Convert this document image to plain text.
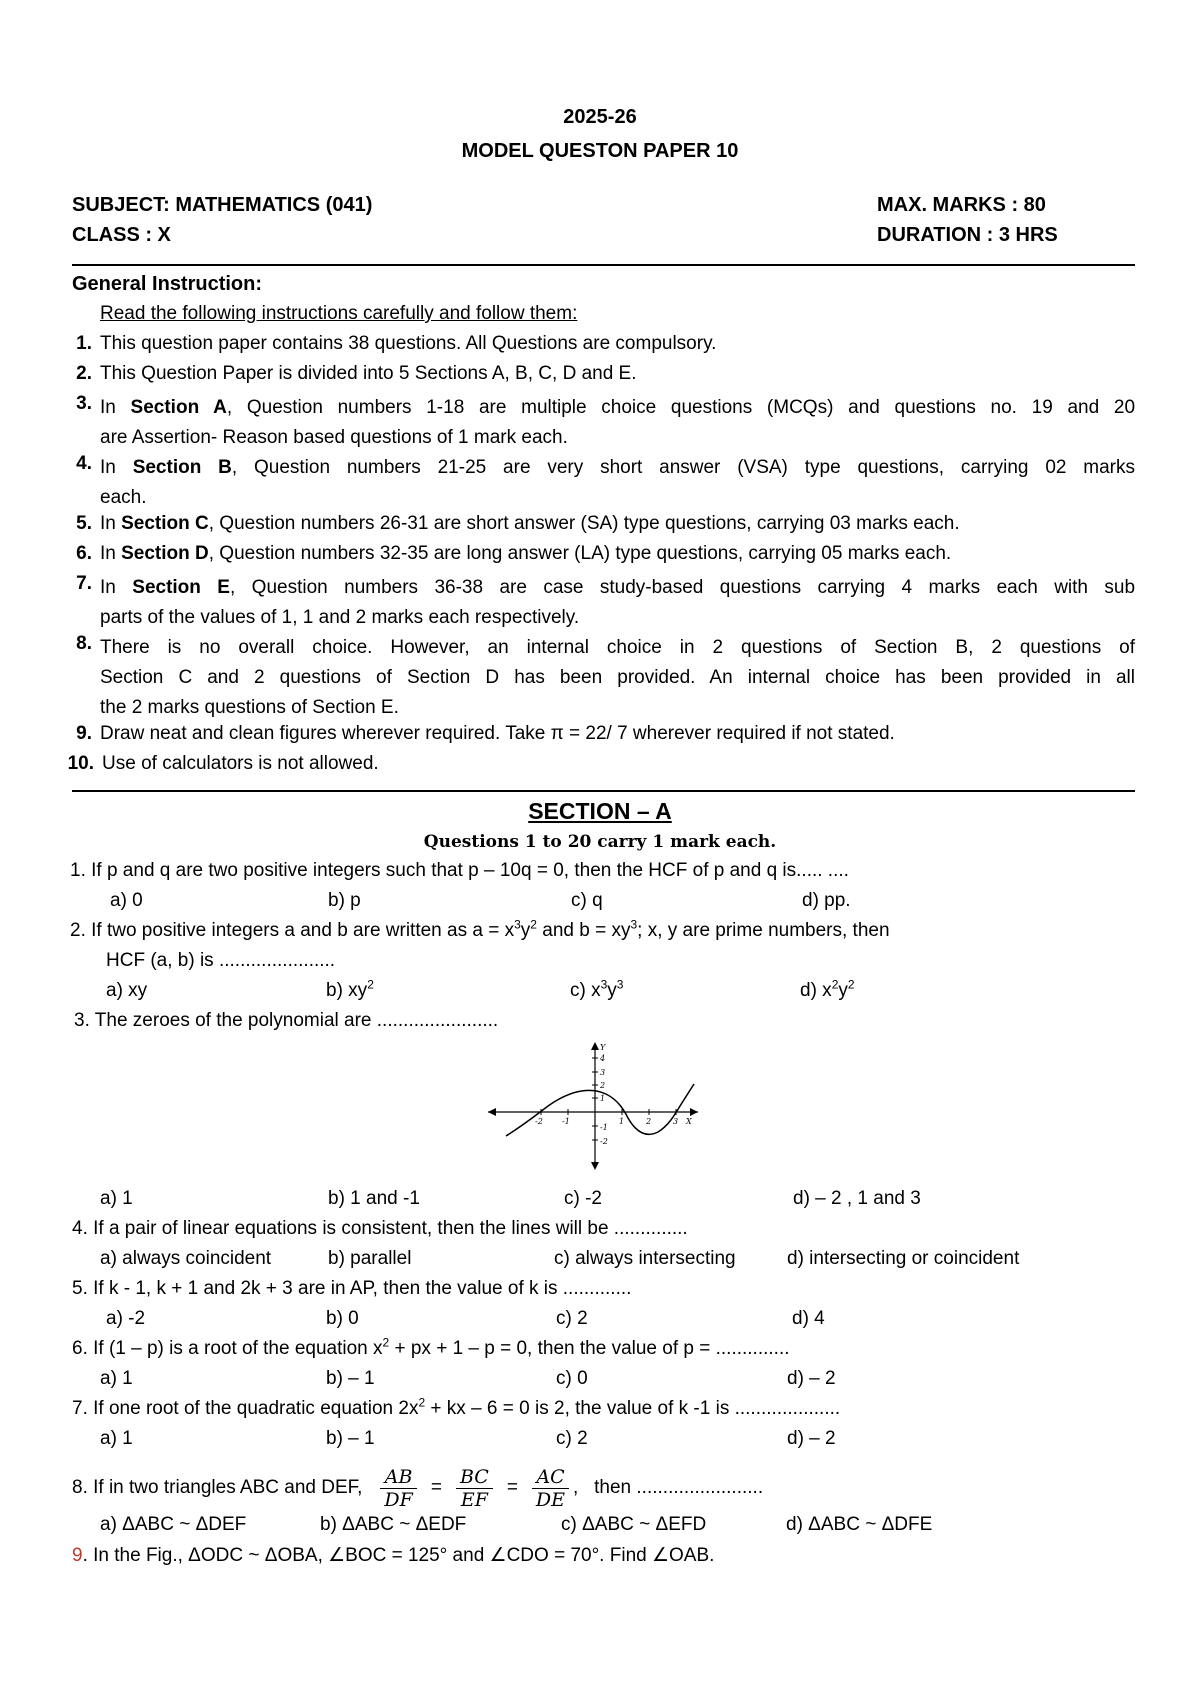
2025-26
MODEL QUESTON PAPER 10
SUBJECT: MATHEMATICS (041)	MAX. MARKS : 80
CLASS : X	DURATION : 3 HRS
General Instruction:
Read the following instructions carefully and follow them:
1. This question paper contains 38 questions. All Questions are compulsory.
2. This Question Paper is divided into 5 Sections A, B, C, D and E.
3. In Section A, Question numbers 1-18 are multiple choice questions (MCQs) and questions no. 19 and 20
are Assertion- Reason based questions of 1 mark each.
4. In Section B, Question numbers 21-25 are very short answer (VSA) type questions, carrying 02 marks
each.
5. In Section C, Question numbers 26-31 are short answer (SA) type questions, carrying 03 marks each.
6. In Section D, Question numbers 32-35 are long answer (LA) type questions, carrying 05 marks each.
7. In Section E, Question numbers 36-38 are case study-based questions carrying 4 marks each with sub
parts of the values of 1, 1 and 2 marks each respectively.
8. There is no overall choice. However, an internal choice in 2 questions of Section B, 2 questions of
Section C and 2 questions of Section D has been provided. An internal choice has been provided in all
the 2 marks questions of Section E.
9. Draw neat and clean figures wherever required. Take π = 22/ 7 wherever required if not stated.
10. Use of calculators is not allowed.
SECTION – A
Questions 1 to 20 carry 1 mark each.
1. If p and q are two positive integers such that p – 10q = 0, then the HCF of p and q is..... ....
a) 0	b) p	c) q	d) pp.
2. If two positive integers a and b are written as $a = x^3y^2$ and $b = xy^3$; x, y are prime numbers, then
HCF (a, b) is ......................
a) xy	b) $xy^2$	c) $x^3y^3$	d) $x^2y^2$
3. The zeroes of the polynomial are .......................
Y
X
-2 -1	1	2	3
4
3
2
1
-1
-2
a) 1	b) 1 and -1	c) -2	d) – 2 , 1 and 3
4. If a pair of linear equations is consistent, then the lines will be ..............
a) always coincident	b) parallel	c) always intersecting	d) intersecting or coincident
5. If k - 1, k + 1 and 2k + 3 are in AP, then the value of k is .............
a) -2	b) 0	c) 2	d) 4
6. If (1 – p) is a root of the equation $x^2$ + px + 1 – p = 0, then the value of p = ..............
a) 1	b) – 1	c) 0	d) – 2
7. If one root of the quadratic equation $2x^2$ + kx – 6 = 0 is 2, the value of k -1 is ....................
a) 1	b) – 1	c) 2	d) – 2
8. If in two triangles ABC and DEF, $\frac{AB}{DF} = \frac{BC}{EF} = \frac{AC}{DE}$ ,   then ........................
a) ΔABC ~ ΔDEF	b) ΔABC ~ ΔEDF	c) ΔABC ~ ΔEFD	d) ΔABC ~ ΔDFE
9. In the Fig., ΔODC ~ ΔOBA, ∠BOC = 125° and ∠CDO = 70°. Find ∠OAB.
